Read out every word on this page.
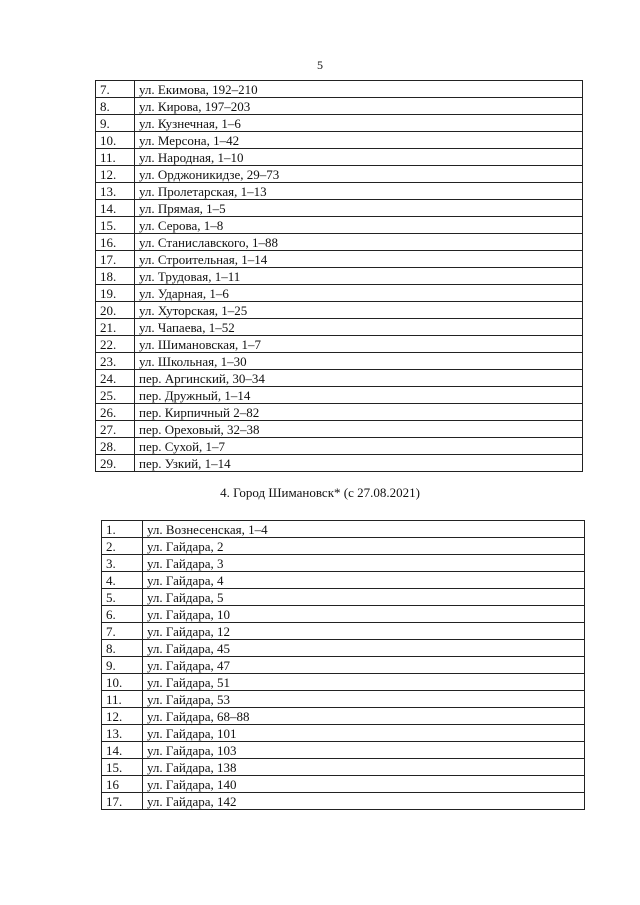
5
7.	ул. Екимова, 192–210
8.	ул. Кирова, 197–203
9.	ул. Кузнечная, 1–6
10.	ул. Мерсона, 1–42
11.	ул. Народная, 1–10
12.	ул. Орджоникидзе, 29–73
13.	ул. Пролетарская, 1–13
14.	ул. Прямая, 1–5
15.	ул. Серова, 1–8
16.	ул. Станиславского, 1–88
17.	ул. Строительная, 1–14
18.	ул. Трудовая, 1–11
19.	ул. Ударная, 1–6
20.	ул. Хуторская, 1–25
21.	ул. Чапаева, 1–52
22.	ул. Шимановская, 1–7
23.	ул. Школьная, 1–30
24.	пер. Аргинский, 30–34
25.	пер. Дружный, 1–14
26.	пер. Кирпичный 2–82
27.	пер. Ореховый, 32–38
28.	пер. Сухой, 1–7
29.	пер. Узкий, 1–14
4. Город Шимановск* (с 27.08.2021)
1.	ул. Вознесенская, 1–4
2.	ул. Гайдара, 2
3.	ул. Гайдара, 3
4.	ул. Гайдара, 4
5.	ул. Гайдара, 5
6.	ул. Гайдара, 10
7.	ул. Гайдара, 12
8.	ул. Гайдара, 45
9.	ул. Гайдара, 47
10.	ул. Гайдара, 51
11.	ул. Гайдара, 53
12.	ул. Гайдара, 68–88
13.	ул. Гайдара, 101
14.	ул. Гайдара, 103
15.	ул. Гайдара, 138
16	ул. Гайдара, 140
17.	ул. Гайдара, 142
